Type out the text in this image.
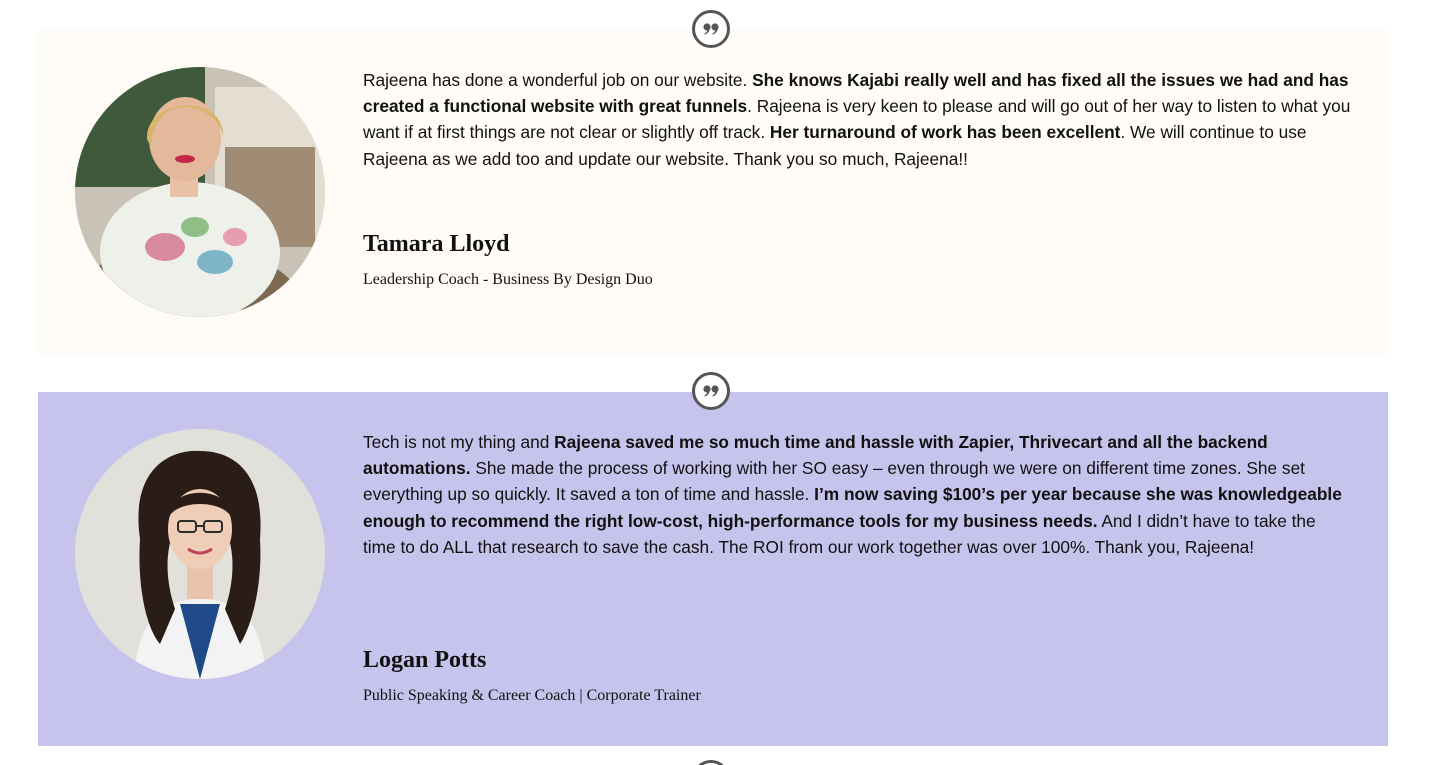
Rajeena has done a wonderful job on our website. She knows Kajabi really well and has fixed all the issues we had and has created a functional website with great funnels. Rajeena is very keen to please and will go out of her way to listen to what you want if at first things are not clear or slightly off track. Her turnaround of work has been excellent. We will continue to use Rajeena as we add too and update our website. Thank you so much, Rajeena!!

Tamara Lloyd
Leadership Coach - Business By Design Duo

Tech is not my thing and Rajeena saved me so much time and hassle with Zapier, Thrivecart and all the backend automations. She made the process of working with her SO easy – even through we were on different time zones. She set everything up so quickly. It saved a ton of time and hassle. I’m now saving $100’s per year because she was knowledgeable enough to recommend the right low-cost, high-performance tools for my business needs. And I didn’t have to take the time to do ALL that research to save the cash. The ROI from our work together was over 100%. Thank you, Rajeena!

Logan Potts
Public Speaking & Career Coach | Corporate Trainer
